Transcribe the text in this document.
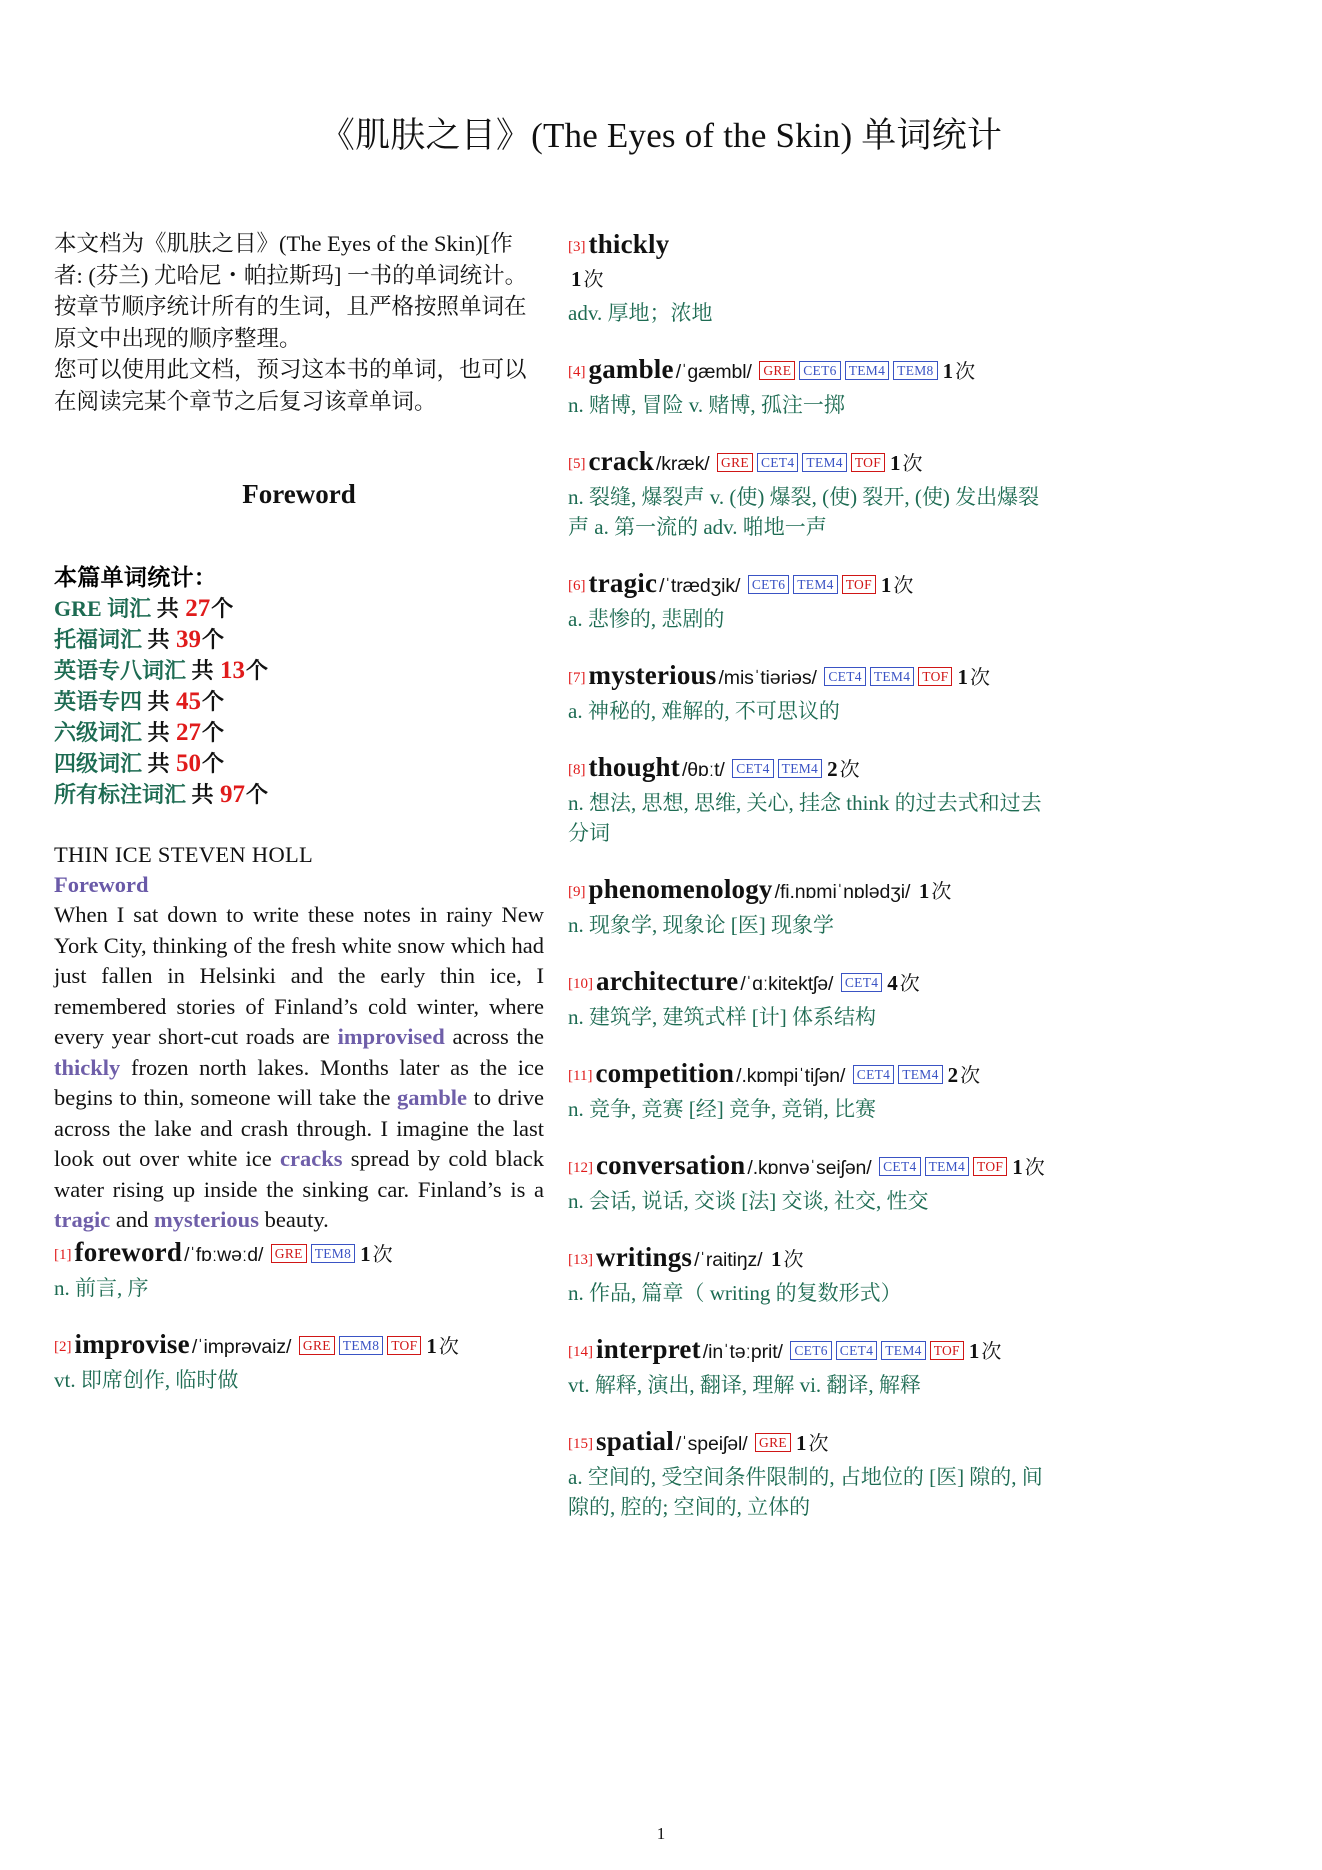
《肌肤之目》(The Eyes of the Skin) 单词统计

本文档为《肌肤之目》(The Eyes of the Skin)[作

者: (芬兰) 尤哈尼・帕拉斯玛] 一书的单词统计。

按章节顺序统计所有的生词，且严格按照单词在

原文中出现的顺序整理。

您可以使用此文档，预习这本书的单词，也可以

在阅读完某个章节之后复习该章单词。

Foreword
本篇单词统计：
GRE 词汇 共 27个
托福词汇 共 39个
英语专八词汇 共 13个
英语专四 共 45个
六级词汇 共 27个
四级词汇 共 50个
所有标注词汇 共 97个
THIN ICE STEVEN HOLL
Foreword

When I sat down to write these notes in rainy New York City, thinking of the fresh white snow which had just fallen in Helsinki and the early thin ice, I remembered stories of Finland’s cold winter, where every year short-cut roads are improvised across the thickly frozen north lakes. Months later as the ice begins to thin, someone will take the gamble to drive across the lake and crash through. I imagine the last look out over white ice cracks spread by cold black water rising up inside the sinking car. Finland’s is a tragic and mysterious beauty.

[1] foreword /ˈfɒːwəːd/ GRE TEM8 1 次
n. 前言, 序
[2] improvise /ˈimprəvaiz/ GRE TEM8 TOF 1 次
vt. 即席创作, 临时做
[3] thickly
1 次
adv. 厚地；浓地
[4] gamble /ˈgæmbl/ GRE CET6 TEM4 TEM8 1 次
n. 赌博, 冒险 v. 赌博, 孤注一掷
[5] crack /kræk/ GRE CET4 TEM4 TOF 1 次
n. 裂缝, 爆裂声 v. (使) 爆裂, (使) 裂开, (使) 发出爆裂声 a. 第一流的 adv. 啪地一声
[6] tragic /ˈtrædʒik/ CET6 TEM4 TOF 1 次
a. 悲惨的, 悲剧的
[7] mysterious /misˈtiəriəs/ CET4 TEM4 TOF 1 次
a. 神秘的, 难解的, 不可思议的
[8] thought /θɒːt/ CET4 TEM4 2 次
n. 想法, 思想, 思维, 关心, 挂念 think 的过去式和过去分词
[9] phenomenology /fi.nɒmiˈnɒlədʒi/ 1 次
n. 现象学, 现象论 [医] 现象学
[10] architecture /ˈɑːkitektʃə/ CET4 4 次
n. 建筑学, 建筑式样 [计] 体系结构
[11] competition /.kɒmpiˈtiʃən/ CET4 TEM4 2 次
n. 竞争, 竞赛 [经] 竞争, 竞销, 比赛
[12] conversation /.kɒnvəˈseiʃən/ CET4 TEM4 TOF 1 次
n. 会话, 说话, 交谈 [法] 交谈, 社交, 性交
[13] writings /ˈraitiŋz/ 1 次
n. 作品, 篇章（ writing 的复数形式）
[14] interpret /inˈtəːprit/ CET6 CET4 TEM4 TOF 1 次
vt. 解释, 演出, 翻译, 理解 vi. 翻译, 解释
[15] spatial /ˈspeiʃəl/ GRE 1 次
a. 空间的, 受空间条件限制的, 占地位的 [医] 隙的, 间隙的, 腔的; 空间的, 立体的
1
